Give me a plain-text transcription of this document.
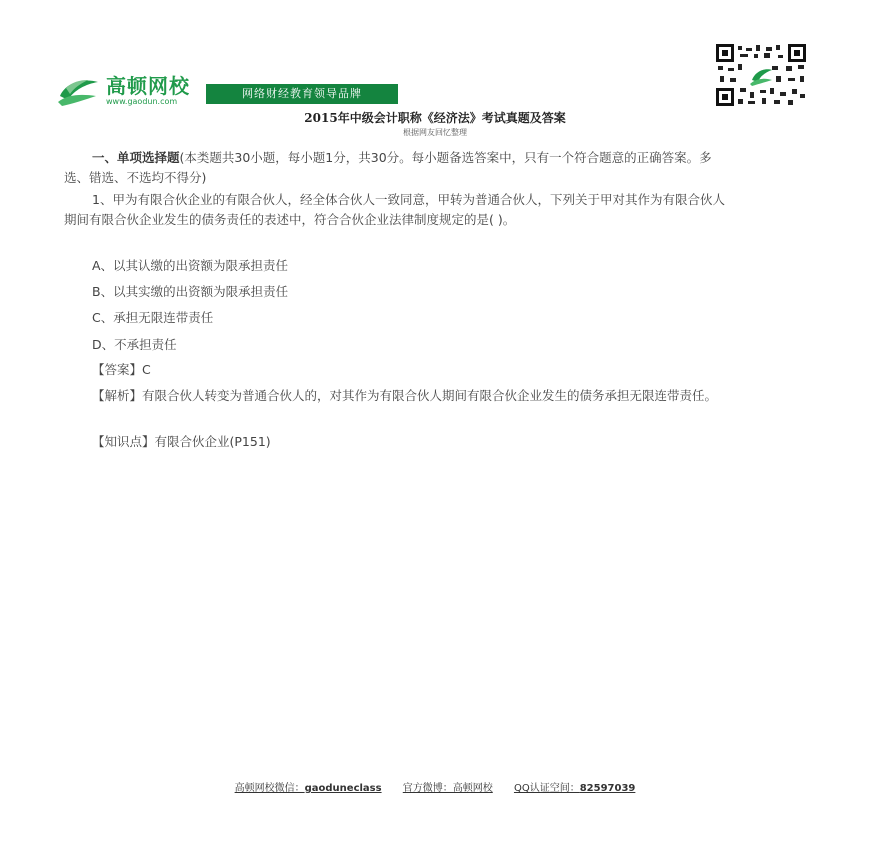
高顿网校
www.gaodun.com
网络财经教育领导品牌
2015年中级会计职称《经济法》考试真题及答案
根据网友回忆整理
一、单项选择题(本类题共30小题，每小题1分，共30分。每小题备选答案中，只有一个符合题意的正确答案。多选、错选、不选均不得分)
1、甲为有限合伙企业的有限合伙人，经全体合伙人一致同意，甲转为普通合伙人，下列关于甲对其作为有限合伙人期间有限合伙企业发生的债务责任的表述中，符合合伙企业法律制度规定的是( )。
A、以其认缴的出资额为限承担责任
B、以其实缴的出资额为限承担责任
C、承担无限连带责任
D、不承担责任
【答案】C
【解析】有限合伙人转变为普通合伙人的，对其作为有限合伙人期间有限合伙企业发生的债务承担无限连带责任。
【知识点】有限合伙企业(P151)
高顿网校微信：gaoduneclass 官方微博：高顿网校 QQ认证空间：82597039
